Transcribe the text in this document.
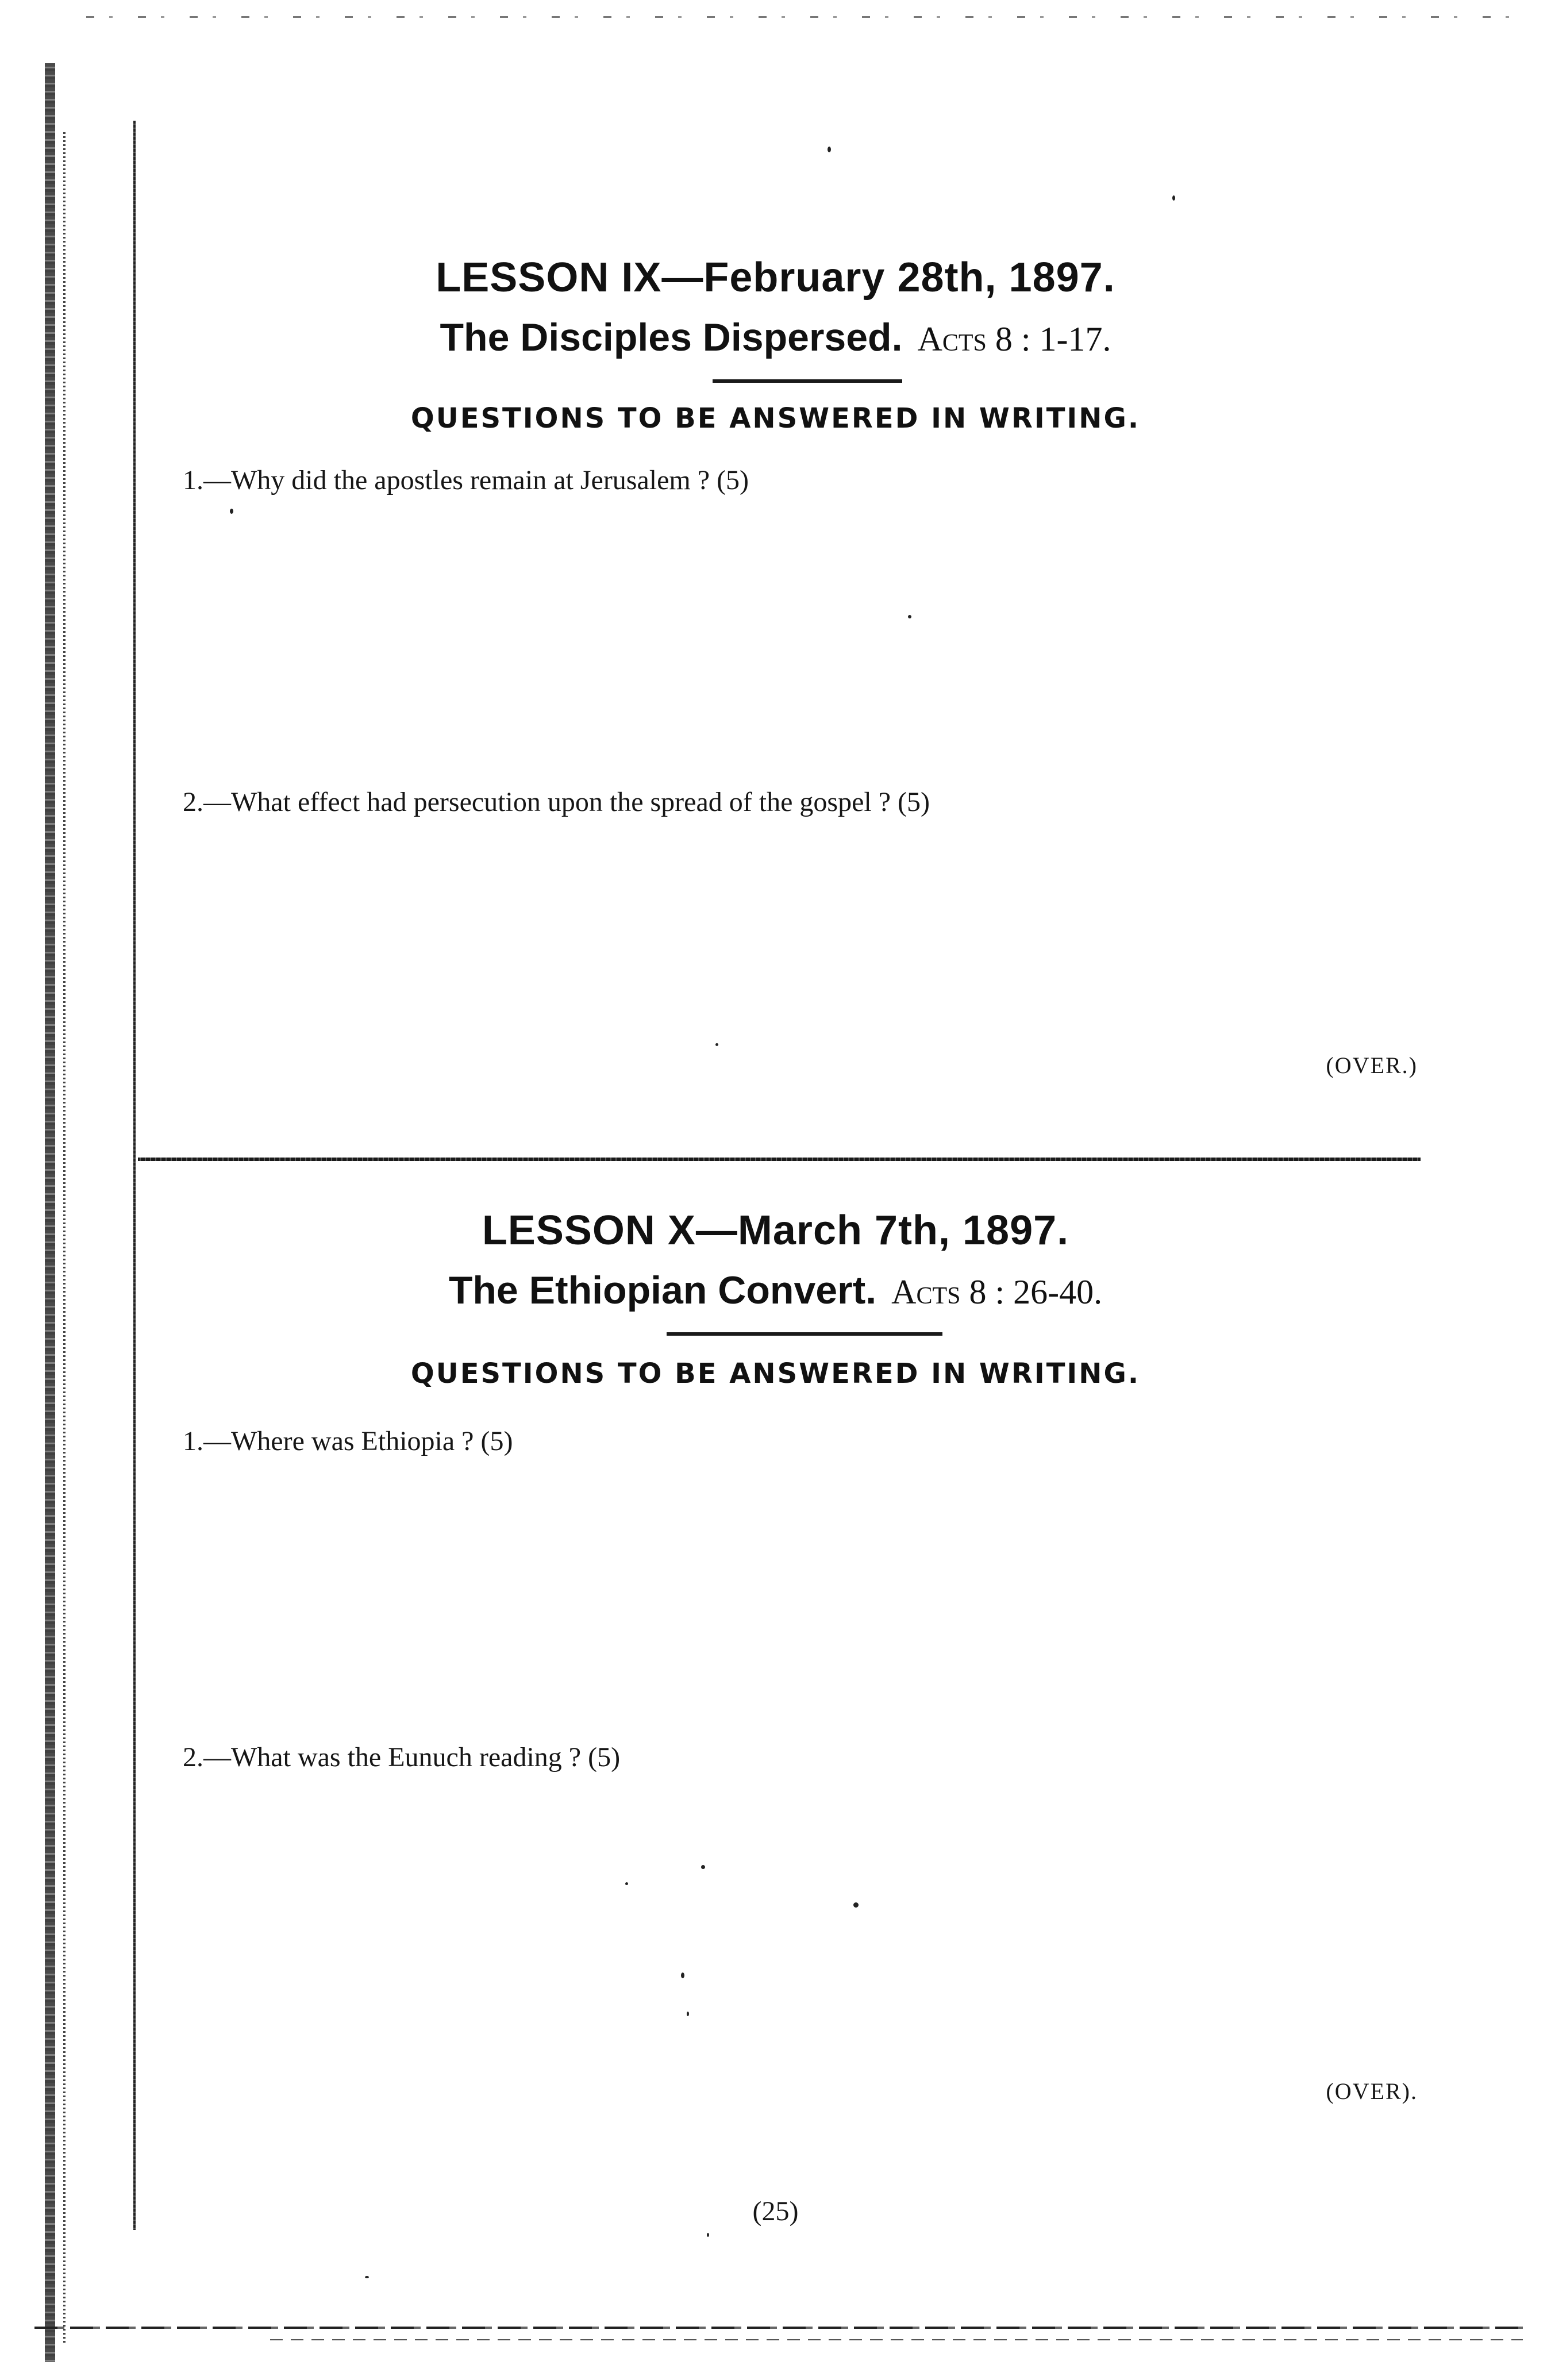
LESSON IX—February 28th, 1897.
The Disciples Dispersed. Acts 8 : 1-17.
QUESTIONS TO BE ANSWERED IN WRITING.
1.—Why did the apostles remain at Jerusalem ? (5)
2.—What effect had persecution upon the spread of the gospel ? (5)
(OVER.)
LESSON X—March 7th, 1897.
The Ethiopian Convert. Acts 8 : 26-40.
QUESTIONS TO BE ANSWERED IN WRITING.
1.—Where was Ethiopia ? (5)
2.—What was the Eunuch reading ? (5)
(OVER).
(25)
